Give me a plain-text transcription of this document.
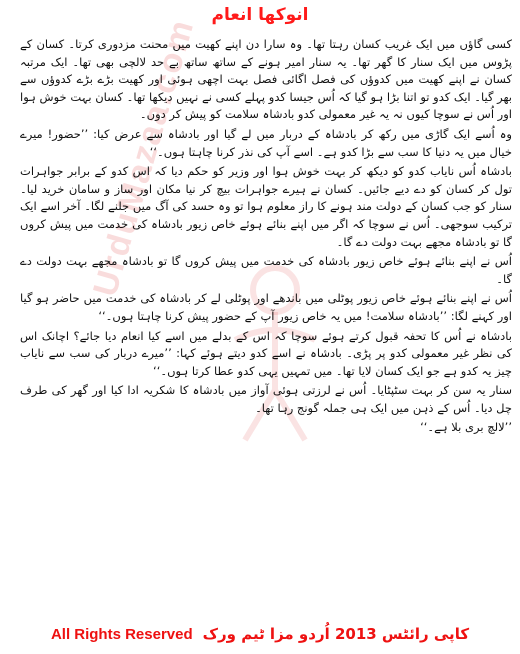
انوکھا انعام
UrduMazaa.com

کسی گاؤں میں ایک غریب کسان رہتا تھا۔ وہ سارا دن اپنے کھیت میں محنت مزدوری کرتا۔ کسان کے پڑوس میں ایک سنار کا گھر تھا۔ یہ سنار امیر ہونے کے ساتھ ساتھ بے حد لالچی بھی تھا۔ ایک مرتبہ کسان نے اپنے کھیت میں کدوؤں کی فصل اگائی فصل بہت اچھی ہوئی اور کھیت بڑے بڑے کدوؤں سے بھر گیا۔ ایک کدو تو اتنا بڑا ہو گیا کہ اُس جیسا کدو پہلے کسی نے نہیں دیکھا تھا۔ کسان بہت خوش ہوا اور اُس نے سوچا کیوں نہ یہ غیر معمولی کدو بادشاہ سلامت کو پیش کر دوں۔

وہ اُسے ایک گاڑی میں رکھ کر بادشاہ کے دربار میں لے گیا اور بادشاہ سے عرض کیا: ’’حضور! میرے خیال میں یہ دنیا کا سب سے بڑا کدو ہے۔ اسے آپ کی نذر کرنا چاہتا ہوں۔‘‘

بادشاہ اُس نایاب کدو کو دیکھ کر بہت خوش ہوا اور وزیر کو حکم دیا کہ اس کدو کے برابر جواہرات تول کر کسان کو دے دیے جائیں۔ کسان نے ہیرے جواہرات بیچ کر نیا مکان اور ساز و سامان خرید لیا۔ سنار کو جب کسان کے دولت مند ہونے کا راز معلوم ہوا تو وہ حسد کی آگ میں جلنے لگا۔ آخر اسے ایک ترکیب سوجھی۔ اُس نے سوچا کہ اگر میں اپنے بنائے ہوئے خاص زیور بادشاہ کی خدمت میں پیش کروں گا تو بادشاہ مجھے بہت دولت دے گا۔

اُس نے اپنے بنائے ہوئے خاص زیور بادشاہ کی خدمت میں پیش کروں گا تو بادشاہ مجھے بہت دولت دے گا۔

اُس نے اپنے بنائے ہوئے خاص زیور پوٹلی میں باندھے اور پوٹلی لے کر بادشاہ کی خدمت میں حاضر ہو گیا اور کہنے لگا: ’’بادشاہ سلامت! میں یہ خاص زیور آپ کے حضور پیش کرنا چاہتا ہوں۔‘‘

بادشاہ نے اُس کا تحفہ قبول کرتے ہوئے سوچا کہ اس کے بدلے میں اسے کیا انعام دیا جائے؟ اچانک اس کی نظر غیر معمولی کدو پر پڑی۔ بادشاہ نے اسے کدو دیتے ہوئے کہا: ’’میرے دربار کی سب سے نایاب چیز یہ کدو ہے جو ایک کسان لایا تھا۔ میں تمہیں یہی کدو عطا کرتا ہوں۔‘‘

سنار یہ سن کر بہت سٹپٹایا۔ اُس نے لرزتی ہوئی آواز میں بادشاہ کا شکریہ ادا کیا اور گھر کی طرف چل دیا۔ اُس کے ذہن میں ایک ہی جملہ گونج رہا تھا۔

’’لالچ بری بلا ہے۔‘‘

All Rights Reserved کاپی رائٹس 2013 اُردو مزا ٹیم ورک
